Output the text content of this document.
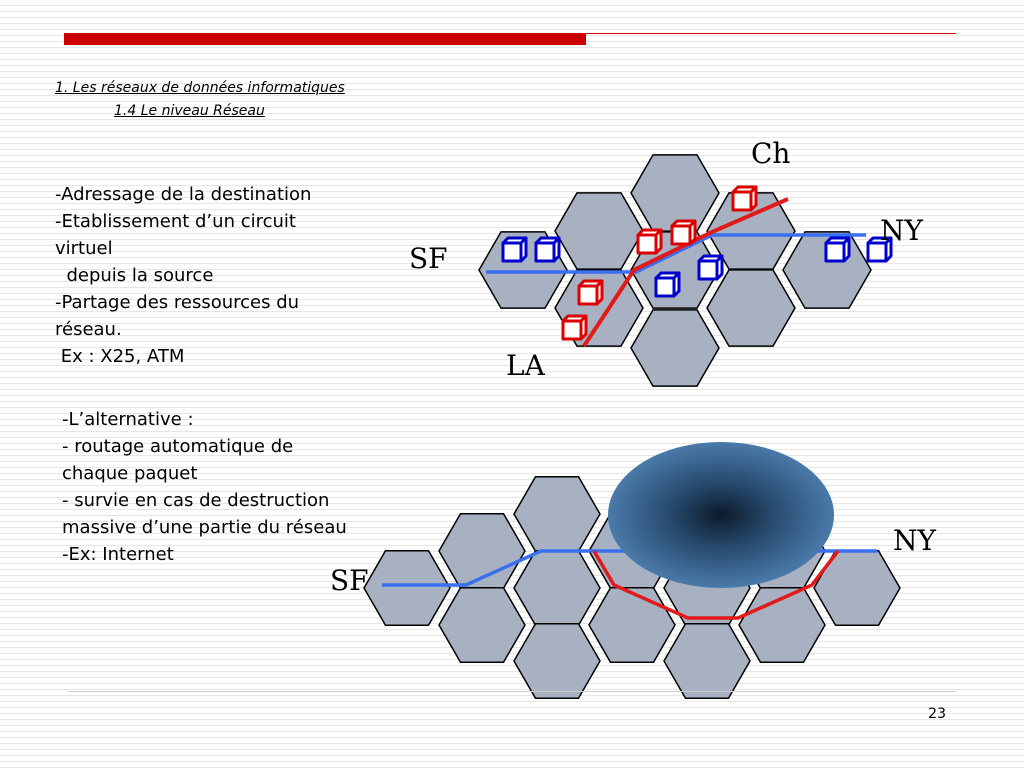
1. Les réseaux de données informatiques
1.4 Le niveau Réseau
-Adressage de la destination
-Etablissement d’un circuit
virtuel
depuis la source
-Partage des ressources du
réseau.
Ex : X25, ATM
-L’alternative :
- routage automatique de
chaque paquet
- survie en cas de destruction
massive d’une partie du réseau
-Ex: Internet
Ch
NY
SF
LA
NY
SF
23
